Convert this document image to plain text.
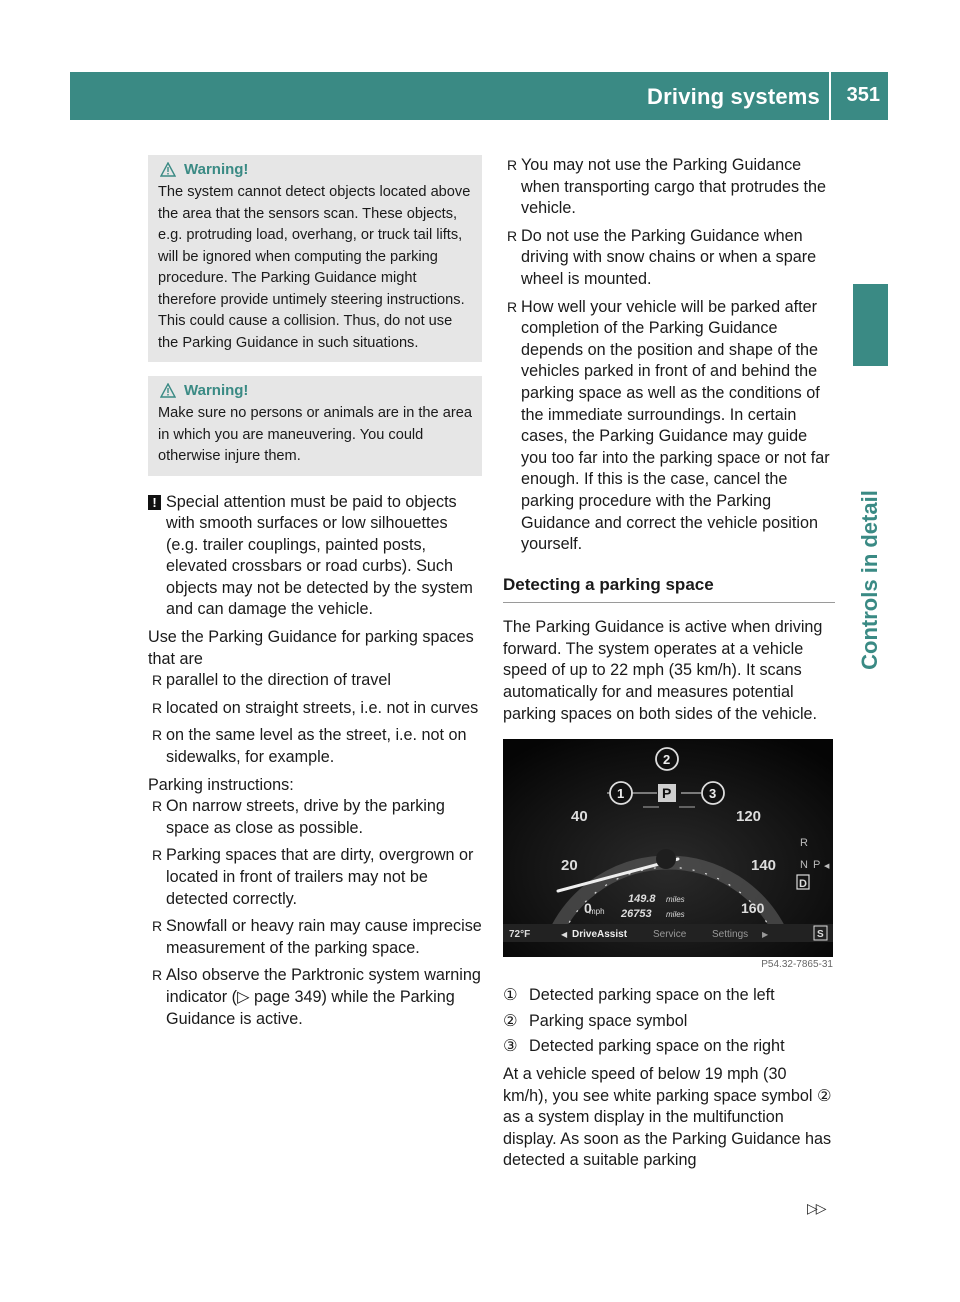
Driving systems 351
Controls in detail
Warning!
The system cannot detect objects located above the area that the sensors scan. These objects, e.g. protruding load, overhang, or truck tail lifts, will be ignored when computing the parking procedure. The Parking Guidance might therefore provide untimely steering instructions. This could cause a collision. Thus, do not use the Parking Guidance in such situations.
Warning!
Make sure no persons or animals are in the area in which you are maneuvering. You could otherwise injure them.
! Special attention must be paid to objects with smooth surfaces or low silhouettes (e.g. trailer couplings, painted posts, elevated crossbars or road curbs). Such objects may not be detected by the system and can damage the vehicle.

Use the Parking Guidance for parking spaces that are

R parallel to the direction of travel
R located on straight streets, i.e. not in curves
R on the same level as the street, i.e. not on sidewalks, for example.

Parking instructions:

R On narrow streets, drive by the parking space as close as possible.
R Parking spaces that are dirty, overgrown or located in front of trailers may not be detected correctly.
R Snowfall or heavy rain may cause imprecise measurement of the parking space.
R Also observe the Parktronic system warning indicator (▷ page 349) while the Parking Guidance is active.
R You may not use the Parking Guidance when transporting cargo that protrudes the vehicle.
R Do not use the Parking Guidance when driving with snow chains or when a spare wheel is mounted.
R How well your vehicle will be parked after completion of the Parking Guidance depends on the position and shape of the vehicles parked in front of and behind the parking space as well as the conditions of the immediate surroundings. In certain cases, the Parking Guidance may guide you too far into the parking space or not far enough. If this is the case, cancel the parking procedure with the Parking Guidance and correct the vehicle position yourself.
Detecting a parking space

The Parking Guidance is active when driving forward. The system operates at a vehicle speed of up to 22 mph (35 km/h). It scans automatically for and measures potential parking spaces on both sides of the vehicle.

0
mph
20
40	120
140
160
149.8 miles
26753 miles
P
2
1	3
R
N P ◀
D
72°F	◀ DriveAssist	Service	Settings ▶	S
P54.32-7865-31
① Detected parking space on the left
② Parking space symbol
③ Detected parking space on the right

At a vehicle speed of below 19 mph (30 km/h), you see white parking space symbol ② as a system display in the multifunction display. As soon as the Parking Guidance has detected a suitable parking

▷▷
